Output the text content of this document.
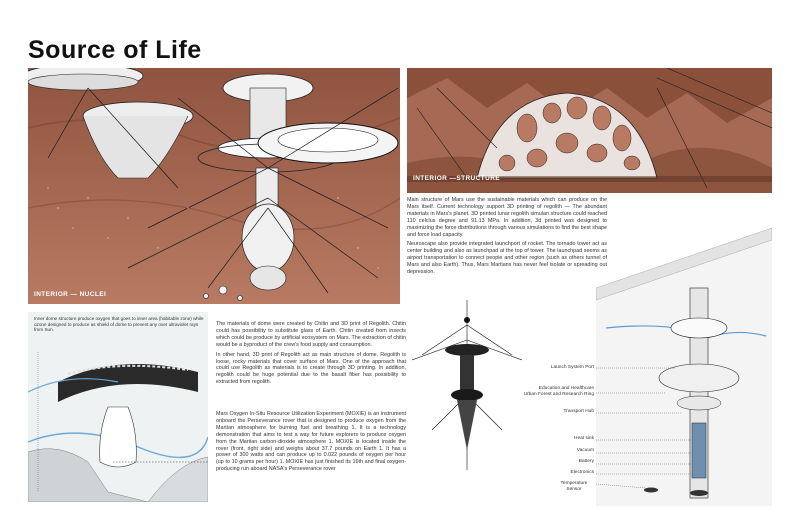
Source of Life
INTERIOR — NUCLEI
INTERIOR —STRUCTURE

Main structure of Mars use the sustainable materials which can produce on the Mars itself. Current technology support 3D printing of regolith — The abundant materials in Mars's planet. 3D printed lunar regolith simulan structure could reached 110 celcius degree and 91.13 MPa. In addition, 3d printed was designed to maximizing the force distributions through various simulations to find the best shape and force load capacity.

Neuroscape also provide integrated launchport of rocket. The tornado tower act as center building and also as launchpad at the top of tower. The launchpad seems as airport transportation to connect people and other region (such as others tunnel of Mars and also Earth). Thus, Mars Martians has never feel isolate or spreading out depression.

Inner dome structure produce oxygen that goes to inner area (habitable zone) while ozone designed to produce as shield of dome to prevent any over ultraviolet rays from Sun.

The materials of dome were created by Chitin and 3D print of Regolith. Chitin could has possibility to substitute glass of Earth. Chitin created from insects which could be produce by artificial ecosystem on Mars. The extraction of chitin would be a byproduct of the crew's food supply and consumption.

In other hand, 3D print of Regolith act as main structure of dome. Regolith is loose, rocky materials that cover surface of Mars. One of the approach that could use Regolith as materials is to create through 3D printing. In addition, regolith could be huge potential due to the basalt fiber has possibility to extracted from regolith.

Mars Oxygen In-Situ Resource Utilization Experiment (MOXIE) is an instrument onboard the Perseverance rover that is designed to produce oxygen from the Martian atmosphere for burning fuel and breathing 1. It is a technology demonstration that aims to test a way for future explorers to produce oxygen from the Martian carbon-dioxide atmosphere 1. MOXIE is located inside the rover (front, right side) and weighs about 37.7 pounds on Earth 1. It has a power of 300 watts and can produce up to 0.022 pounds of oxygen per hour (up to 10 grams per hour) 1. MOXIE has just finished its 16th and final oxygen-producing run aboard NASA's Perseverance rover

Launch System Port
Education and Healthcare
Urban Forest and Research Ring
Transport Hub
Heat sink
Vacuum
Battery
Electronics
Temperature Sensor
